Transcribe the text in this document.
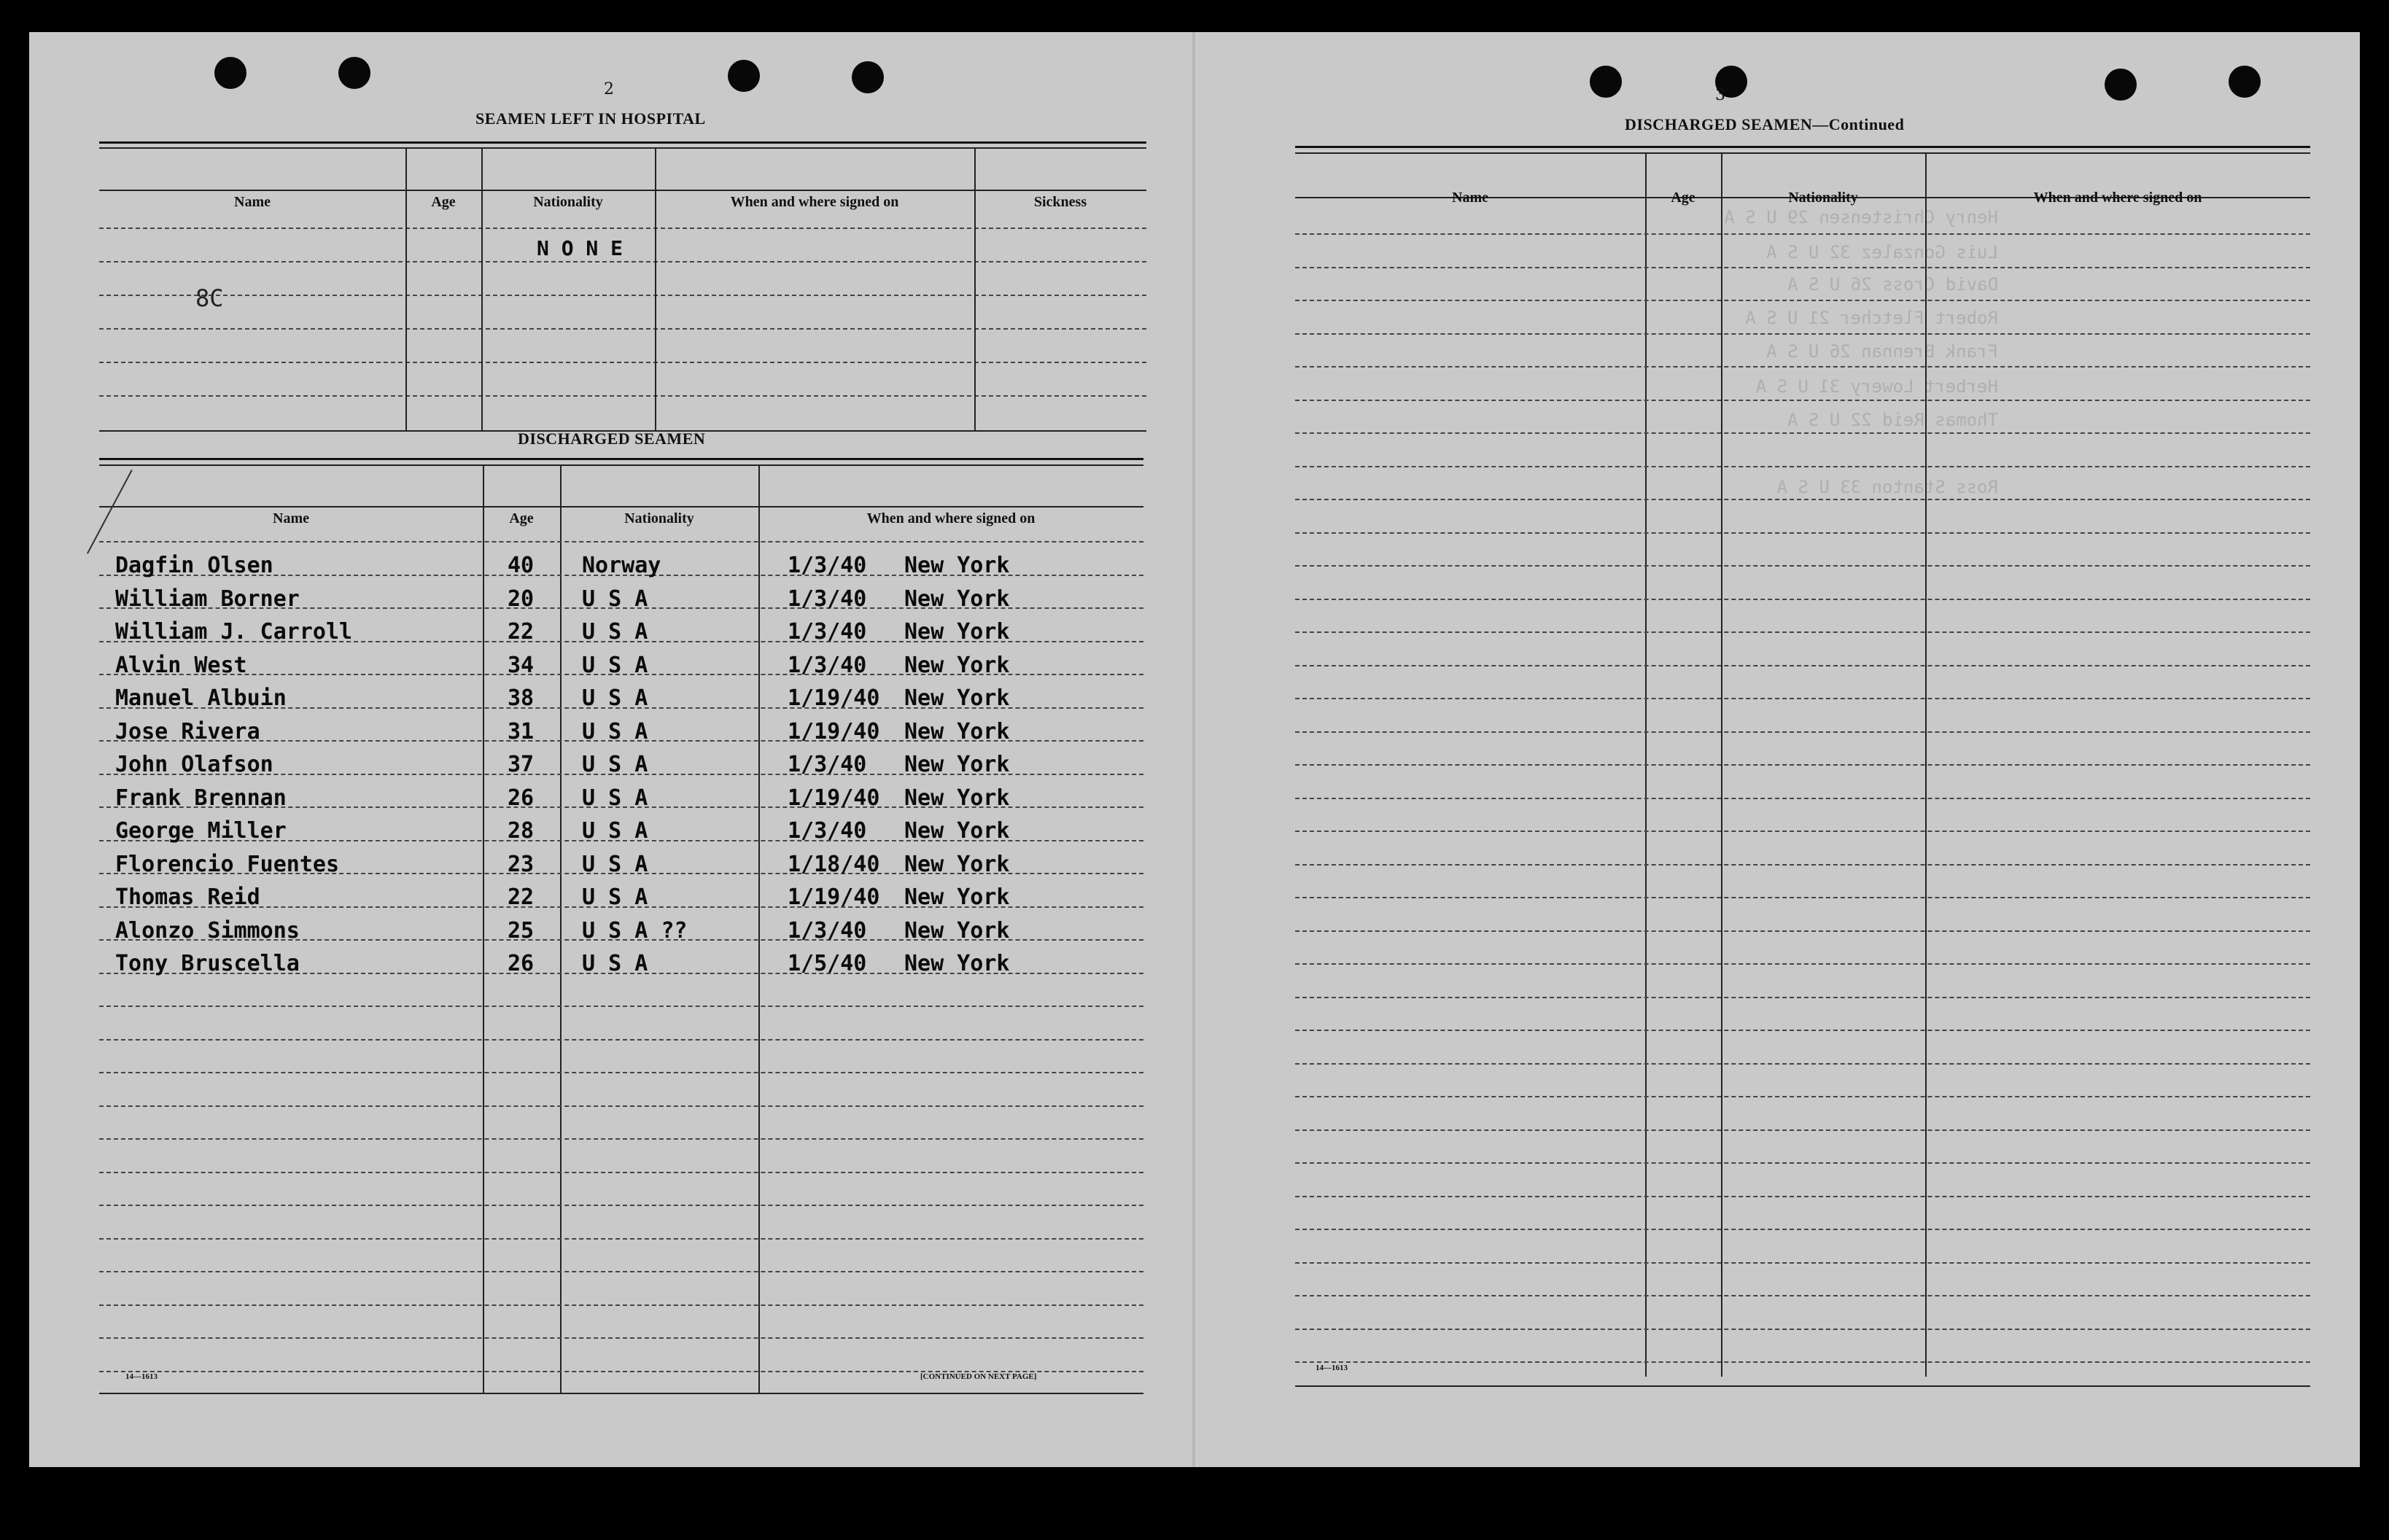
2
SEAMEN LEFT IN HOSPITAL
Name	Age	Nationality	When and where signed on	Sickness
N O N E
8C
DISCHARGED SEAMEN
Name	Age	Nationality	When and where signed on
Dagfin Olsen	40 Norway	1/3/40 New York
William Borner	20 U S A	1/3/40 New York
William J. Carroll	22 U S A	1/3/40 New York
Alvin West	34 U S A	1/3/40 New York
Manuel Albuin	38 U S A	1/19/40 New York
Jose Rivera	31 U S A	1/19/40 New York
John Olafson	37 U S A	1/3/40 New York
Frank Brennan	26 U S A	1/19/40 New York
George Miller	28 U S A	1/3/40 New York
Florencio Fuentes	23 U S A	1/18/40 New York
Thomas Reid	22 U S A	1/19/40 New York
Alonzo Simmons	25 U S A ??	1/3/40 New York
Tony Bruscella	26 U S A	1/5/40 New York
14—1613	[CONTINUED ON NEXT PAGE]
3
DISCHARGED SEAMEN—Continued
Henry Christensen 29 U S A
Luis Gonzalez 32 U S A
David Cross 26 U S A
Robert Fletcher 21 U S A
Frank Brennan 26 U S A
Herbert Lowery 31 U S A
Thomas Reid 22 U S A
Ross Stanton 33 U S A
Name	Age	Nationality	When and where signed on
14—1613
